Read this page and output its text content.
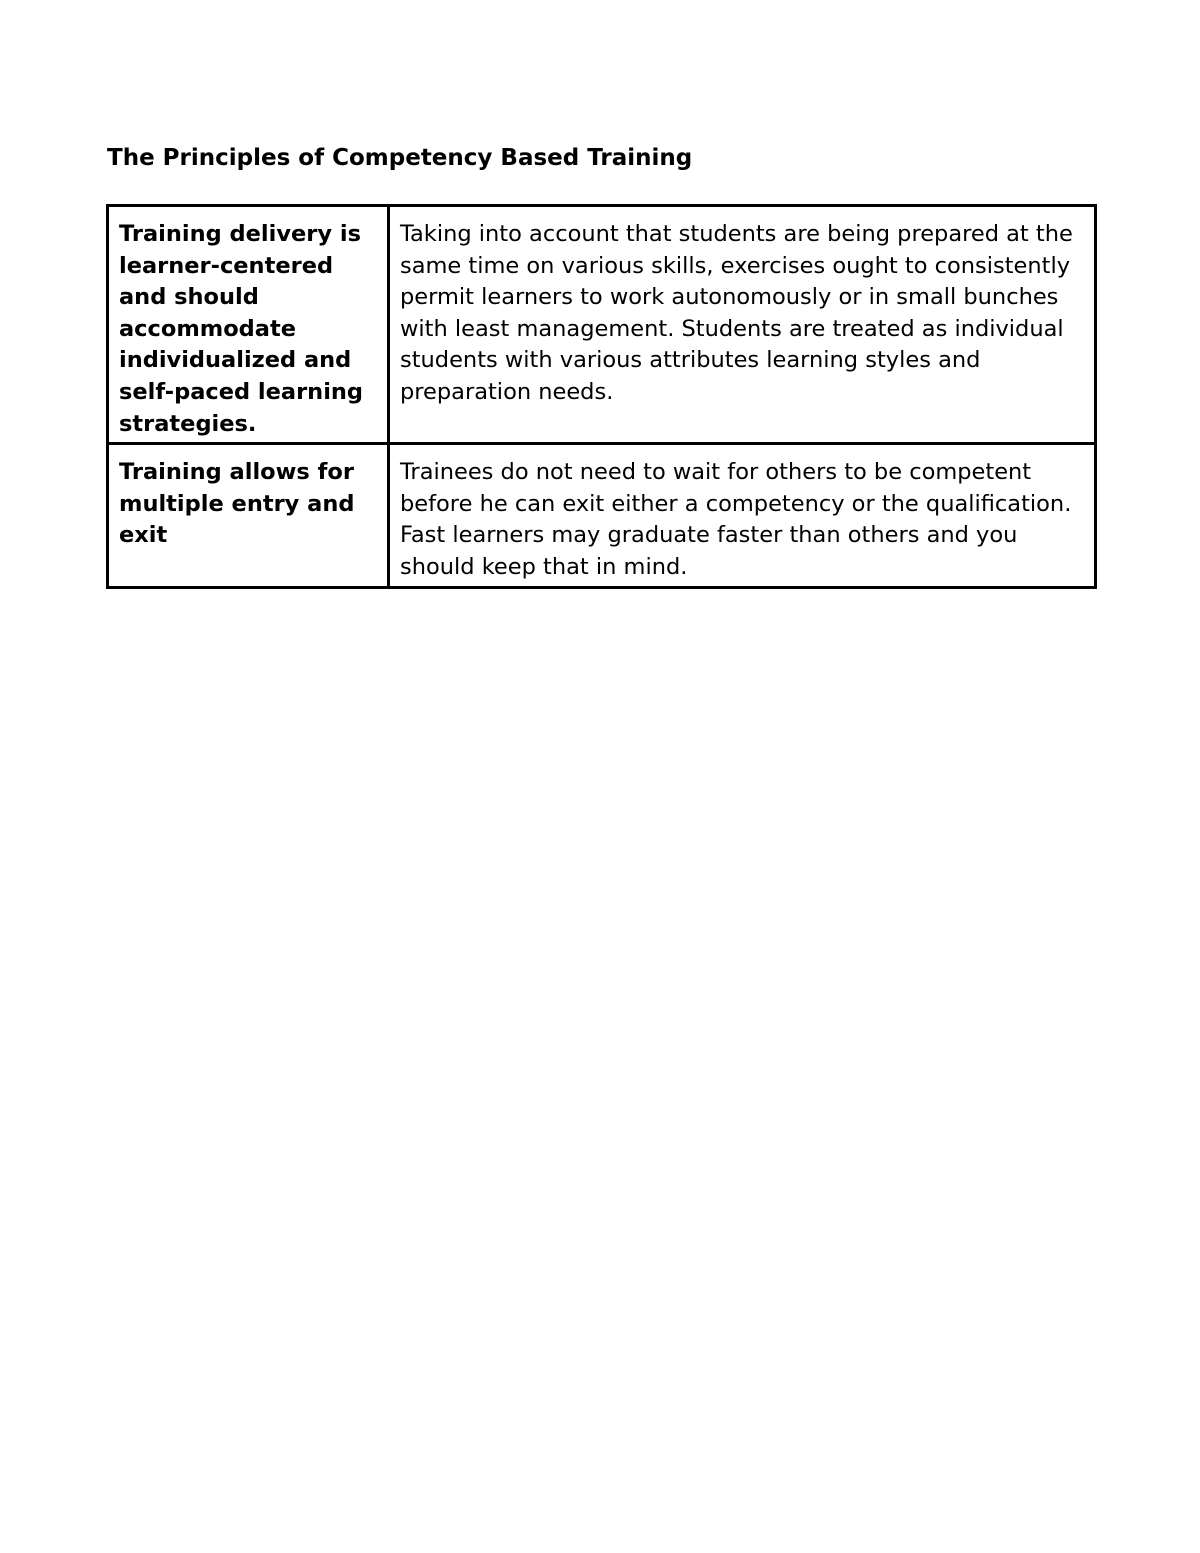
The Principles of Competency Based Training
Training delivery is learner-centered and should accommodate individualized and self-paced learning strategies.	Taking into account that students are being prepared at the same time on various skills, exercises ought to consistently permit learners to work autonomously or in small bunches with least management. Students are treated as individual students with various attributes learning styles and preparation needs.
Training allows for multiple entry and exit	Trainees do not need to wait for others to be competent before he can exit either a competency or the qualification. Fast learners may graduate faster than others and you should keep that in mind.
